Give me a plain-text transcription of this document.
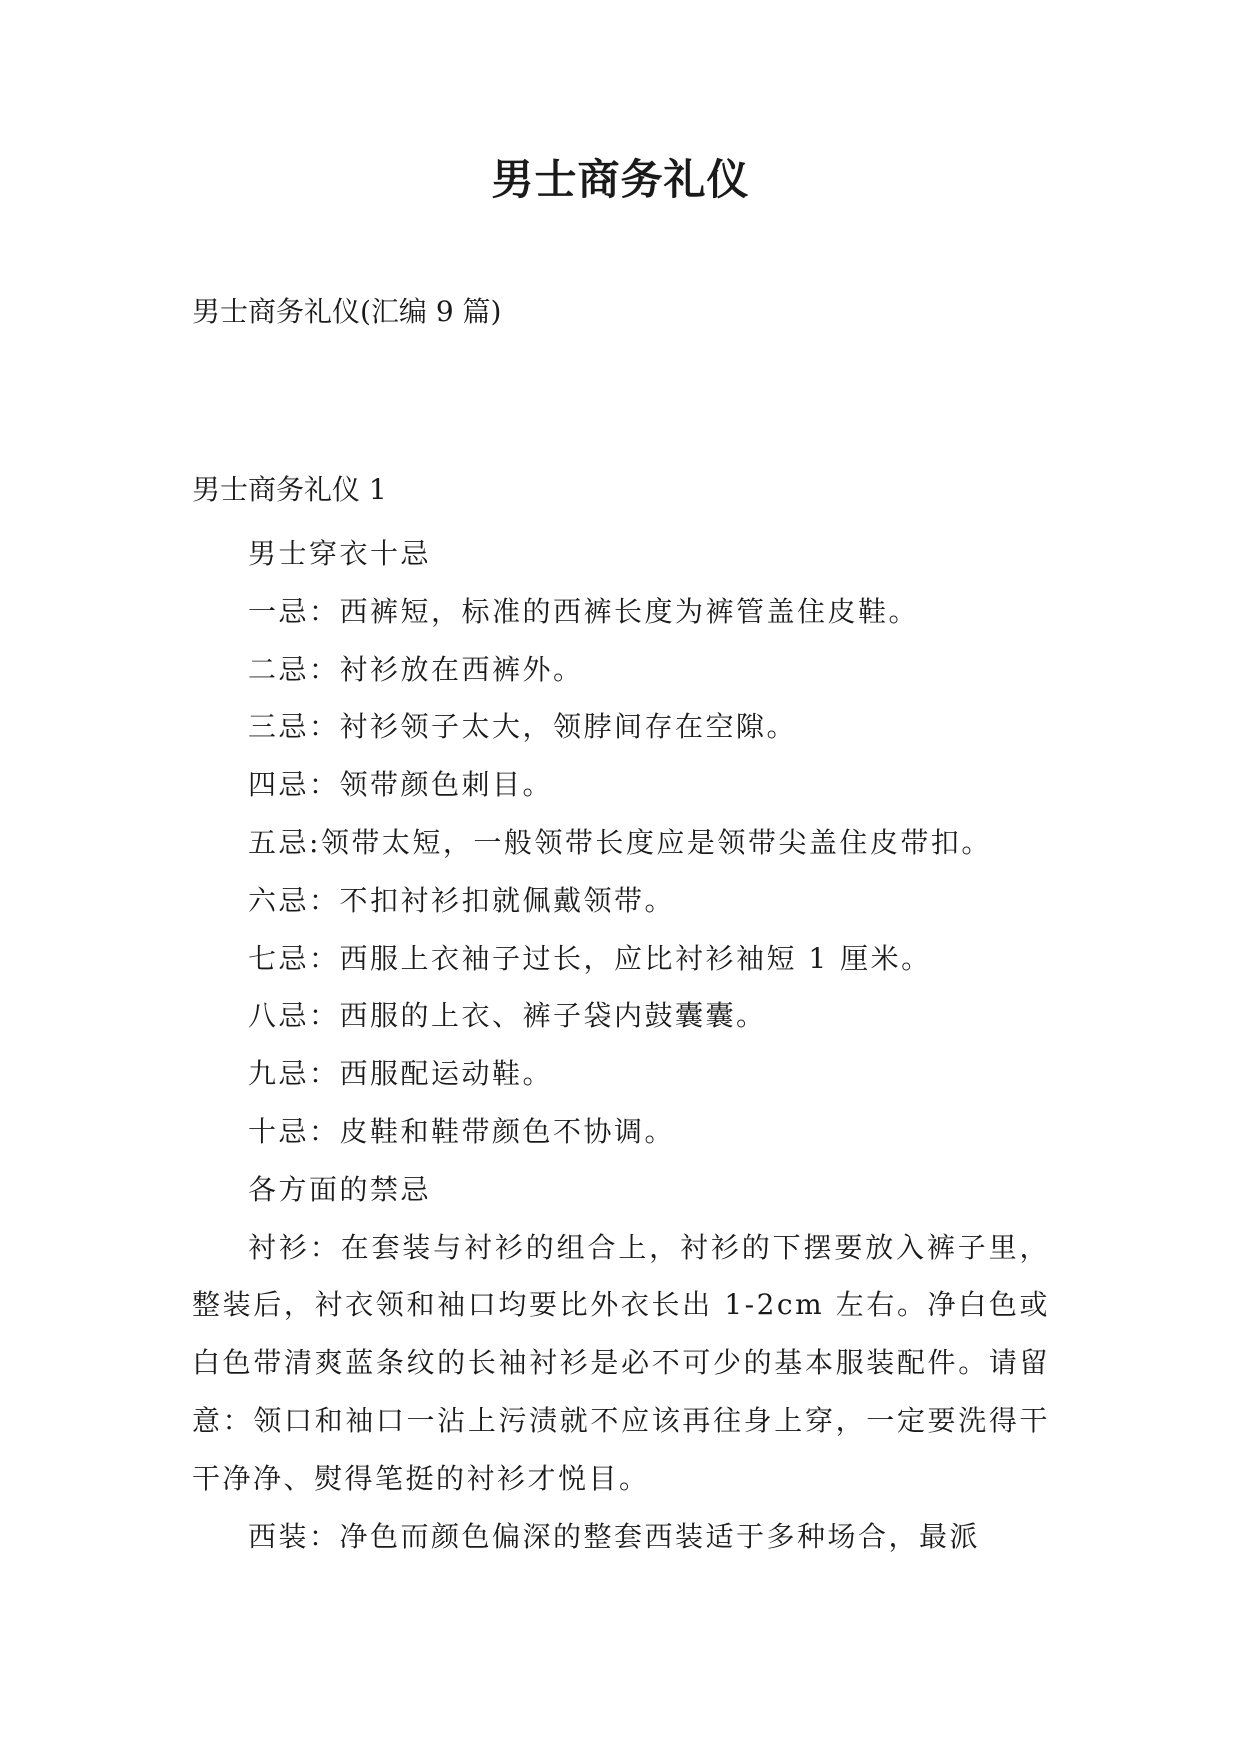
男士商务礼仪
男士商务礼仪(汇编 9 篇)
男士商务礼仪 1

男士穿衣十忌

一忌：西裤短，标准的西裤长度为裤管盖住皮鞋。

二忌：衬衫放在西裤外。

三忌：衬衫领子太大，领脖间存在空隙。

四忌：领带颜色刺目。

五忌:领带太短，一般领带长度应是领带尖盖住皮带扣。

六忌：不扣衬衫扣就佩戴领带。

七忌：西服上衣袖子过长，应比衬衫袖短 1 厘米。

八忌：西服的上衣、裤子袋内鼓囊囊。

九忌：西服配运动鞋。

十忌：皮鞋和鞋带颜色不协调。

各方面的禁忌

衬衫：在套装与衬衫的组合上，衬衫的下摆要放入裤子里，整装后，衬衣领和袖口均要比外衣长出 1-2cm 左右。净白色或白色带清爽蓝条纹的长袖衬衫是必不可少的基本服装配件。请留意：领口和袖口一沾上污渍就不应该再往身上穿，一定要洗得干干净净、熨得笔挺的衬衫才悦目。

西装：净色而颜色偏深的整套西装适于多种场合，最派
